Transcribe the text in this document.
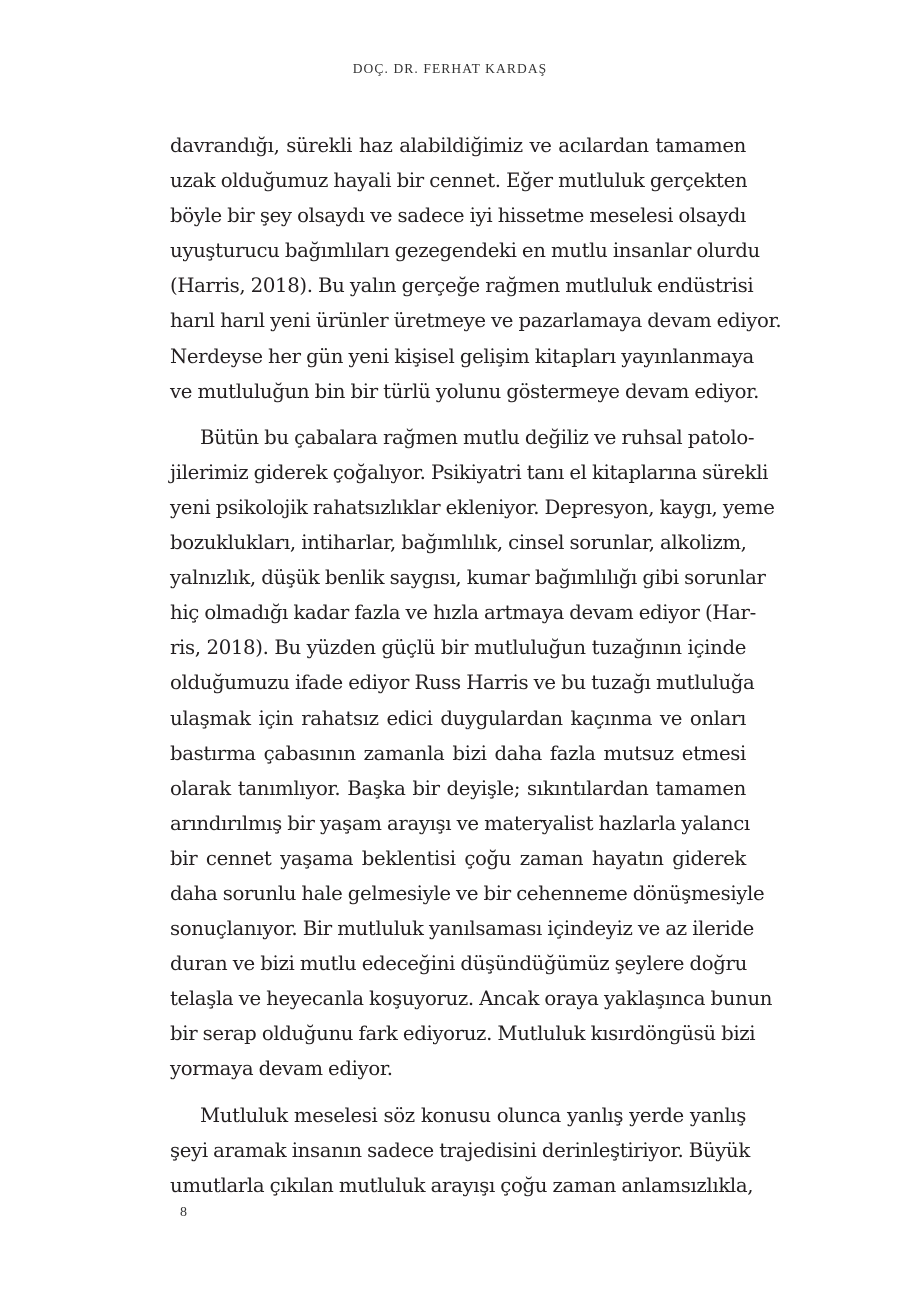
DOÇ. DR. FERHAT KARDAŞ

davrandığı, sürekli haz alabildiğimiz ve acılardan tamamen
uzak olduğumuz hayali bir cennet. Eğer mutluluk gerçekten
böyle bir şey olsaydı ve sadece iyi hissetme meselesi olsaydı
uyuşturucu bağımlıları gezegendeki en mutlu insanlar olurdu
(Harris, 2018). Bu yalın gerçeğe rağmen mutluluk endüstrisi
harıl harıl yeni ürünler üretmeye ve pazarlamaya devam ediyor.
Nerdeyse her gün yeni kişisel gelişim kitapları yayınlanmaya
ve mutluluğun bin bir türlü yolunu göstermeye devam ediyor.

Bütün bu çabalara rağmen mutlu değiliz ve ruhsal patolo-
jilerimiz giderek çoğalıyor. Psikiyatri tanı el kitaplarına sürekli
yeni psikolojik rahatsızlıklar ekleniyor. Depresyon, kaygı, yeme
bozuklukları, intiharlar, bağımlılık, cinsel sorunlar, alkolizm,
yalnızlık, düşük benlik saygısı, kumar bağımlılığı gibi sorunlar
hiç olmadığı kadar fazla ve hızla artmaya devam ediyor (Har-
ris, 2018). Bu yüzden güçlü bir mutluluğun tuzağının içinde
olduğumuzu ifade ediyor Russ Harris ve bu tuzağı mutluluğa
ulaşmak için rahatsız edici duygulardan kaçınma ve onları
bastırma çabasının zamanla bizi daha fazla mutsuz etmesi
olarak tanımlıyor. Başka bir deyişle; sıkıntılardan tamamen
arındırılmış bir yaşam arayışı ve materyalist hazlarla yalancı
bir cennet yaşama beklentisi çoğu zaman hayatın giderek
daha sorunlu hale gelmesiyle ve bir cehenneme dönüşmesiyle
sonuçlanıyor. Bir mutluluk yanılsaması içindeyiz ve az ileride
duran ve bizi mutlu edeceğini düşündüğümüz şeylere doğru
telaşla ve heyecanla koşuyoruz. Ancak oraya yaklaşınca bunun
bir serap olduğunu fark ediyoruz. Mutluluk kısırdöngüsü bizi
yormaya devam ediyor.

Mutluluk meselesi söz konusu olunca yanlış yerde yanlış
şeyi aramak insanın sadece trajedisini derinleştiriyor. Büyük
umutlarla çıkılan mutluluk arayışı çoğu zaman anlamsızlıkla,

8
